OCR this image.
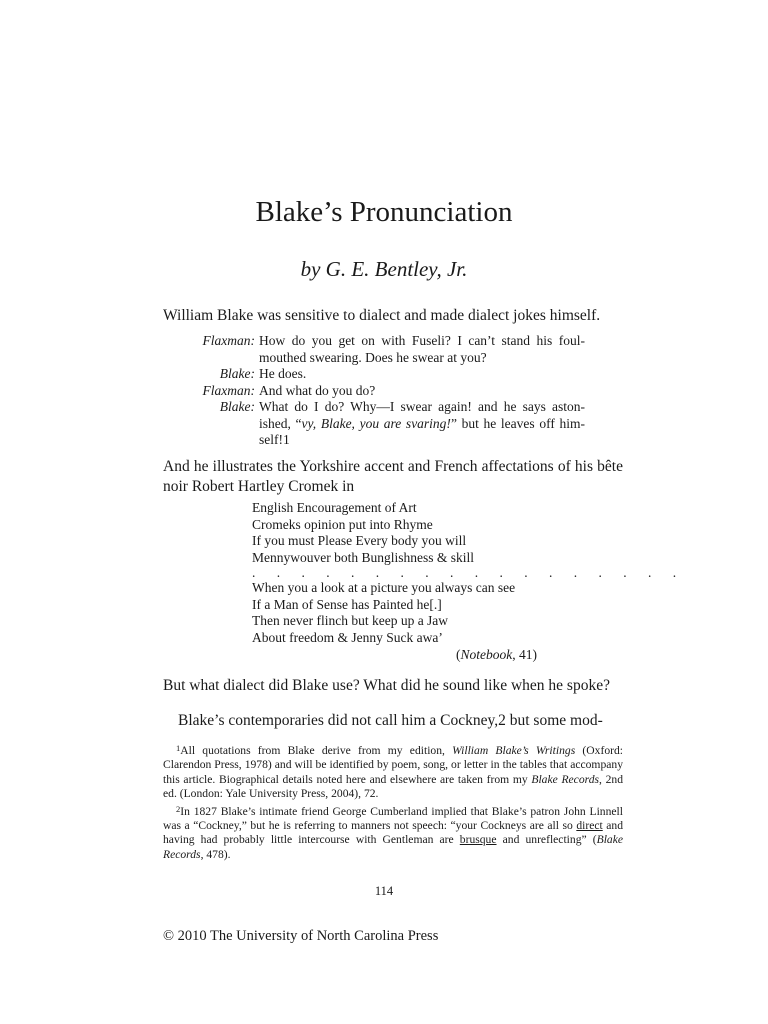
Blake’s Pronunciation
by G. E. Bentley, Jr.
William Blake was sensitive to dialect and made dialect jokes himself.
Flaxman: How do you get on with Fuseli? I can’t stand his foul-mouthed swearing. Does he swear at you?
Blake: He does.
Flaxman: And what do you do?
Blake: What do I do? Why—I swear again! and he says aston-ished, “vy, Blake, you are svaring!” but he leaves off him-self!1
And he illustrates the Yorkshire accent and French affectations of his bête noir Robert Hartley Cromek in
English Encouragement of Art
Cromeks opinion put into Rhyme
If you must Please Every body you will
Mennywouver both Bunglishness & skill
. . . . . . . . . . . . . . . . . .
When you a look at a picture you always can see
If a Man of Sense has Painted he[.]
Then never flinch but keep up a Jaw
About freedom & Jenny Suck awa’
(Notebook, 41)
But what dialect did Blake use? What did he sound like when he spoke?
Blake’s contemporaries did not call him a Cockney,2 but some mod-
$^1$All quotations from Blake derive from my edition, William Blake’s Writings (Oxford: Clarendon Press, 1978) and will be identified by poem, song, or letter in the tables that accompany this article. Biographical details noted here and elsewhere are taken from my Blake Records, 2nd ed. (London: Yale University Press, 2004), 72.
$^2$In 1827 Blake’s intimate friend George Cumberland implied that Blake’s patron John Linnell was a “Cockney,” but he is referring to manners not speech: “your Cockneys are all so direct and having had probably little intercourse with Gentleman are brusque and unreflecting” (Blake Records, 478).
114
© 2010 The University of North Carolina Press
